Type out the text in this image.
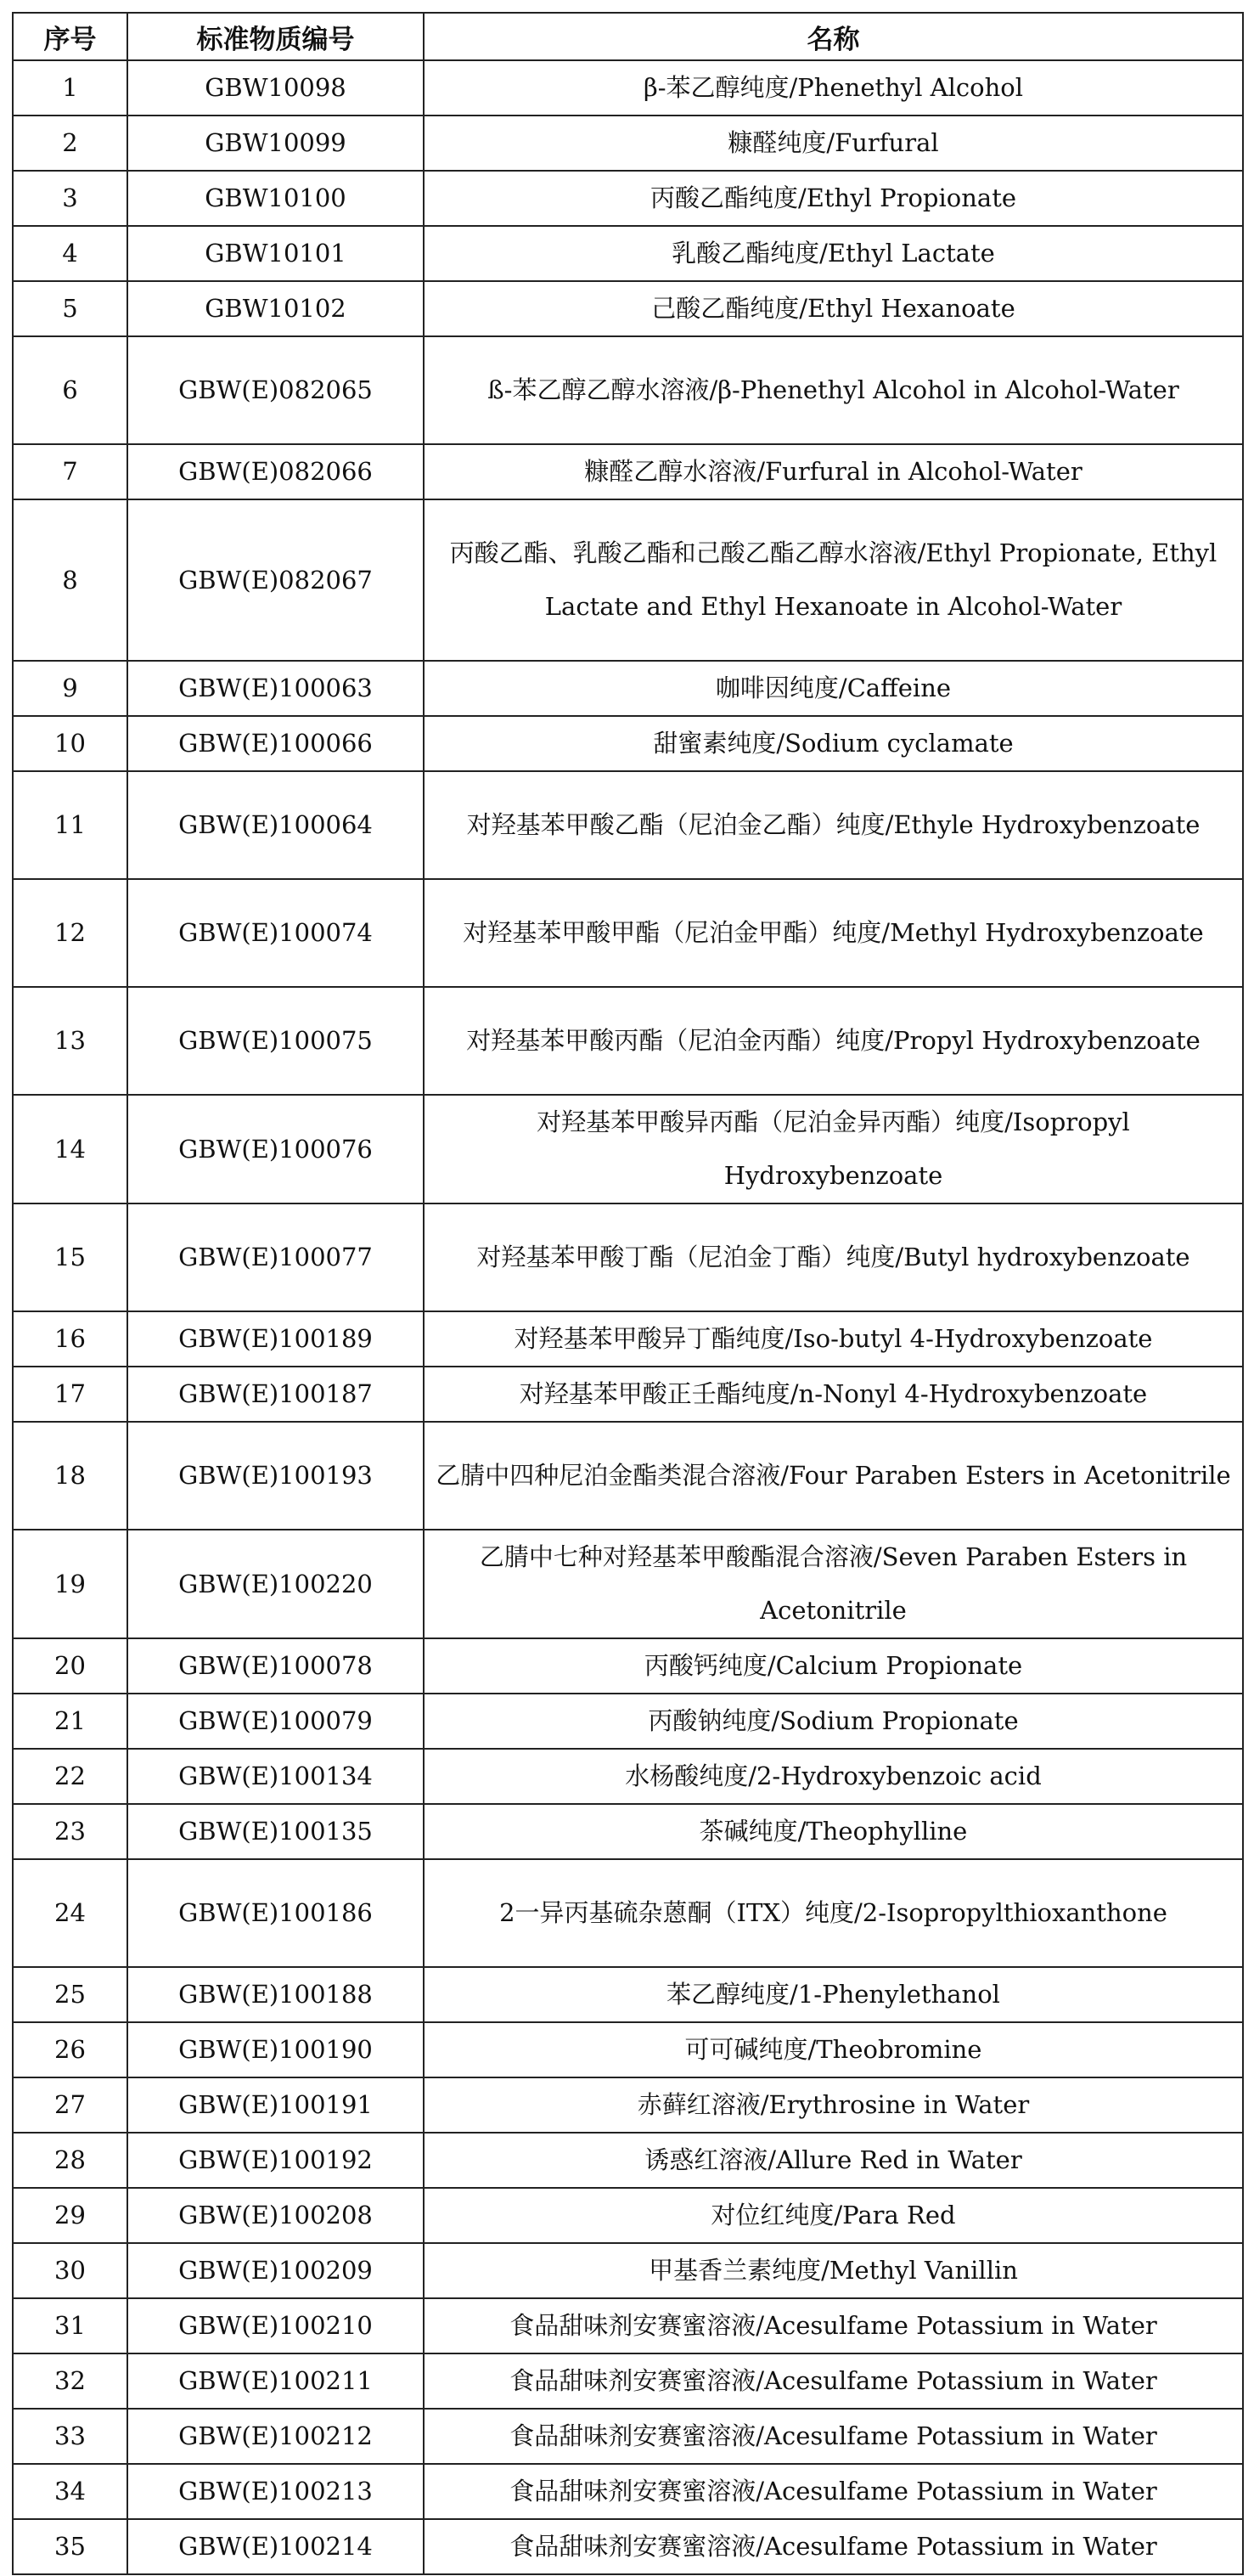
序号	标准物质编号	名称
1	GBW10098	β-苯乙醇纯度/Phenethyl Alcohol
2	GBW10099	糠醛纯度/Furfural
3	GBW10100	丙酸乙酯纯度/Ethyl Propionate
4	GBW10101	乳酸乙酯纯度/Ethyl Lactate
5	GBW10102	己酸乙酯纯度/Ethyl Hexanoate
6	GBW(E)082065	ß-苯乙醇乙醇水溶液/β-Phenethyl Alcohol in Alcohol-Water
7	GBW(E)082066	糠醛乙醇水溶液/Furfural in Alcohol-Water
8	GBW(E)082067	丙酸乙酯、乳酸乙酯和己酸乙酯乙醇水溶液/Ethyl Propionate, Ethyl Lactate and Ethyl Hexanoate in Alcohol-Water
9	GBW(E)100063	咖啡因纯度/Caffeine
10	GBW(E)100066	甜蜜素纯度/Sodium cyclamate
11	GBW(E)100064	对羟基苯甲酸乙酯（尼泊金乙酯）纯度/Ethyle Hydroxybenzoate
12	GBW(E)100074	对羟基苯甲酸甲酯（尼泊金甲酯）纯度/Methyl Hydroxybenzoate
13	GBW(E)100075	对羟基苯甲酸丙酯（尼泊金丙酯）纯度/Propyl Hydroxybenzoate
14	GBW(E)100076	对羟基苯甲酸异丙酯（尼泊金异丙酯）纯度/Isopropyl Hydroxybenzoate
15	GBW(E)100077	对羟基苯甲酸丁酯（尼泊金丁酯）纯度/Butyl hydroxybenzoate
16	GBW(E)100189	对羟基苯甲酸异丁酯纯度/Iso-butyl 4-Hydroxybenzoate
17	GBW(E)100187	对羟基苯甲酸正壬酯纯度/n-Nonyl 4-Hydroxybenzoate
18	GBW(E)100193	乙腈中四种尼泊金酯类混合溶液/Four Paraben Esters in Acetonitrile
19	GBW(E)100220	乙腈中七种对羟基苯甲酸酯混合溶液/Seven Paraben Esters in Acetonitrile
20	GBW(E)100078	丙酸钙纯度/Calcium Propionate
21	GBW(E)100079	丙酸钠纯度/Sodium Propionate
22	GBW(E)100134	水杨酸纯度/2-Hydroxybenzoic acid
23	GBW(E)100135	茶碱纯度/Theophylline
24	GBW(E)100186	2一异丙基硫杂蒽酮（ITX）纯度/2-Isopropylthioxanthone
25	GBW(E)100188	苯乙醇纯度/1-Phenylethanol
26	GBW(E)100190	可可碱纯度/Theobromine
27	GBW(E)100191	赤藓红溶液/Erythrosine in Water
28	GBW(E)100192	诱惑红溶液/Allure Red in Water
29	GBW(E)100208	对位红纯度/Para Red
30	GBW(E)100209	甲基香兰素纯度/Methyl Vanillin
31	GBW(E)100210	食品甜味剂安赛蜜溶液/Acesulfame Potassium in Water
32	GBW(E)100211	食品甜味剂安赛蜜溶液/Acesulfame Potassium in Water
33	GBW(E)100212	食品甜味剂安赛蜜溶液/Acesulfame Potassium in Water
34	GBW(E)100213	食品甜味剂安赛蜜溶液/Acesulfame Potassium in Water
35	GBW(E)100214	食品甜味剂安赛蜜溶液/Acesulfame Potassium in Water
